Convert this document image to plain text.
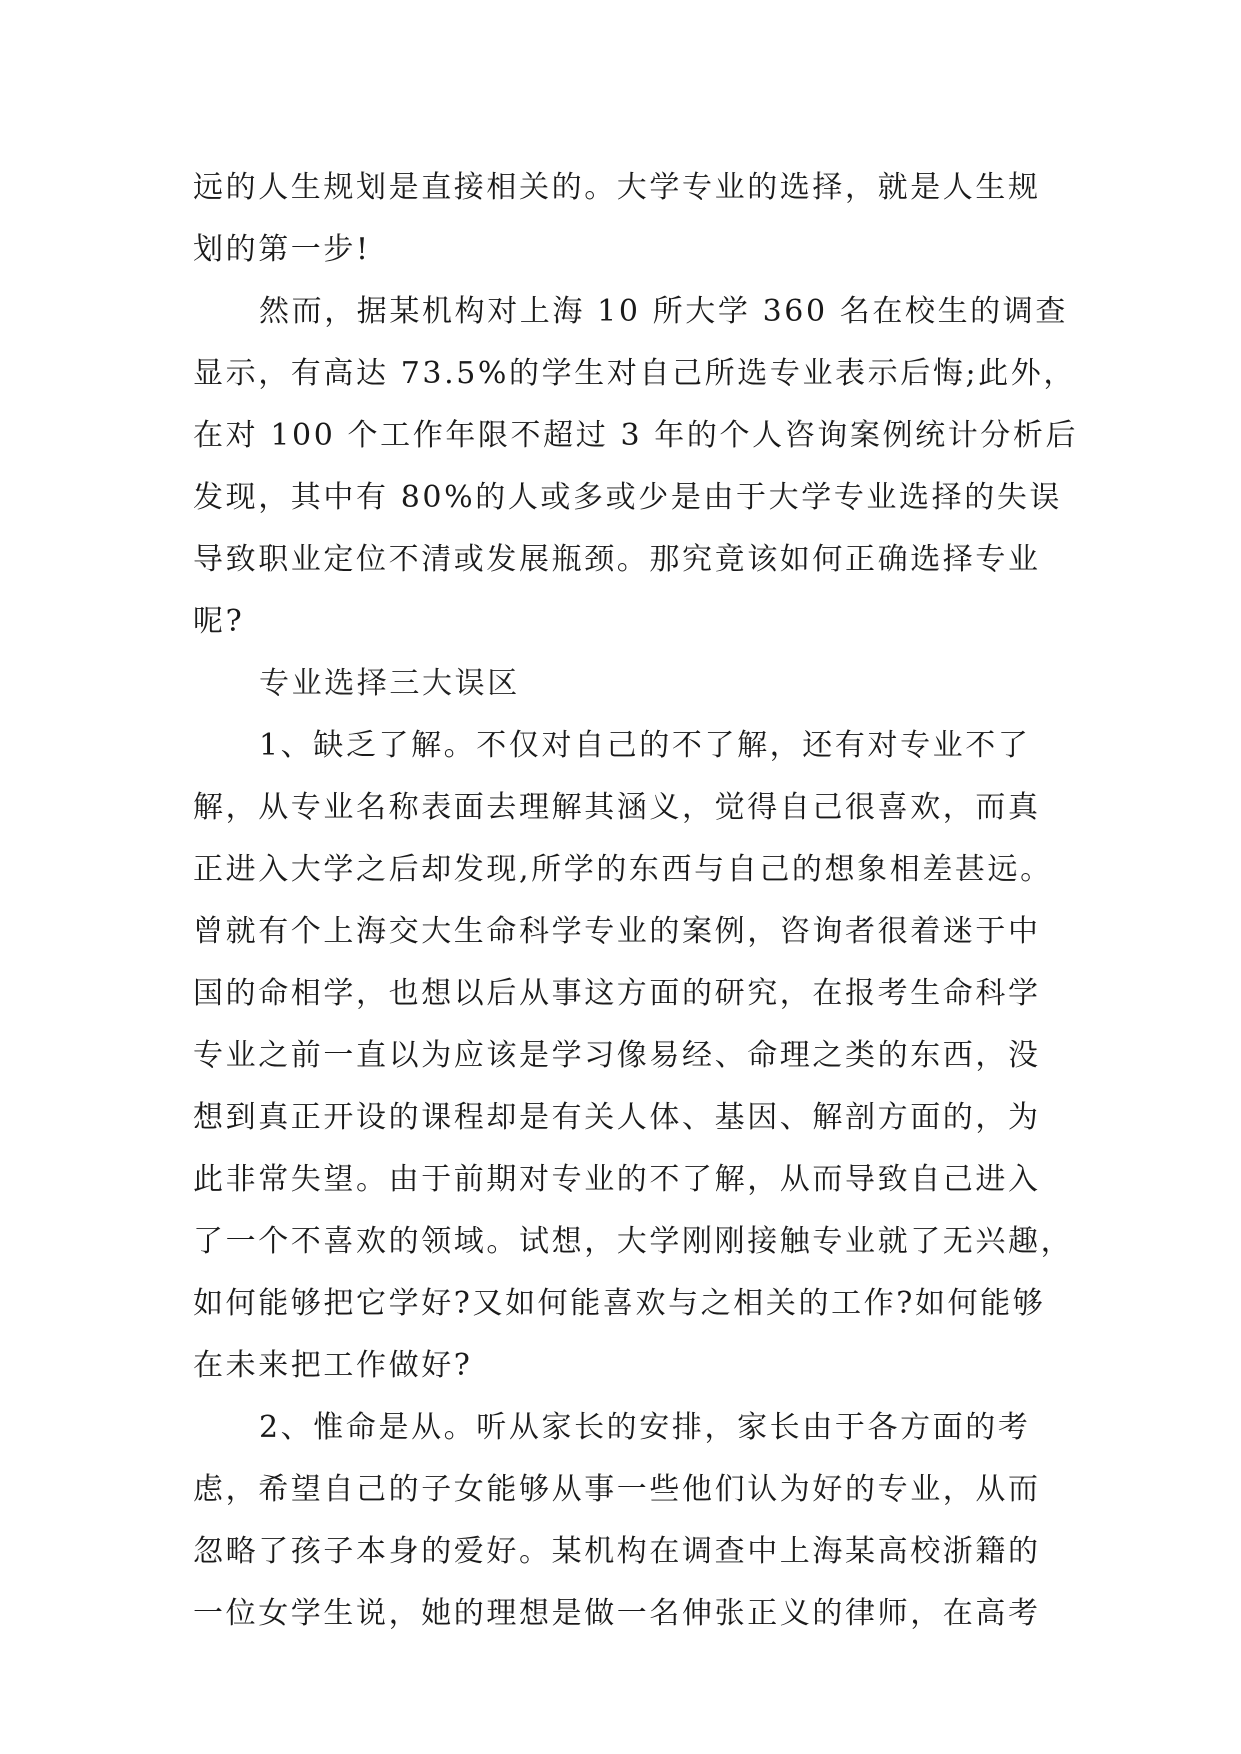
远的人生规划是直接相关的。大学专业的选择，就是人生规
划的第一步!
然而，据某机构对上海 10 所大学 360 名在校生的调查
显示，有高达 73.5%的学生对自己所选专业表示后悔;此外，
在对 100 个工作年限不超过 3 年的个人咨询案例统计分析后
发现，其中有 80%的人或多或少是由于大学专业选择的失误
导致职业定位不清或发展瓶颈。那究竟该如何正确选择专业
呢?
专业选择三大误区
1、缺乏了解。不仅对自己的不了解，还有对专业不了
解，从专业名称表面去理解其涵义，觉得自己很喜欢，而真
正进入大学之后却发现,所学的东西与自己的想象相差甚远。
曾就有个上海交大生命科学专业的案例，咨询者很着迷于中
国的命相学，也想以后从事这方面的研究，在报考生命科学
专业之前一直以为应该是学习像易经、命理之类的东西，没
想到真正开设的课程却是有关人体、基因、解剖方面的，为
此非常失望。由于前期对专业的不了解，从而导致自己进入
了一个不喜欢的领域。试想，大学刚刚接触专业就了无兴趣，
如何能够把它学好?又如何能喜欢与之相关的工作?如何能够
在未来把工作做好?
2、惟命是从。听从家长的安排，家长由于各方面的考
虑，希望自己的子女能够从事一些他们认为好的专业，从而
忽略了孩子本身的爱好。某机构在调查中上海某高校浙籍的
一位女学生说，她的理想是做一名伸张正义的律师，在高考
